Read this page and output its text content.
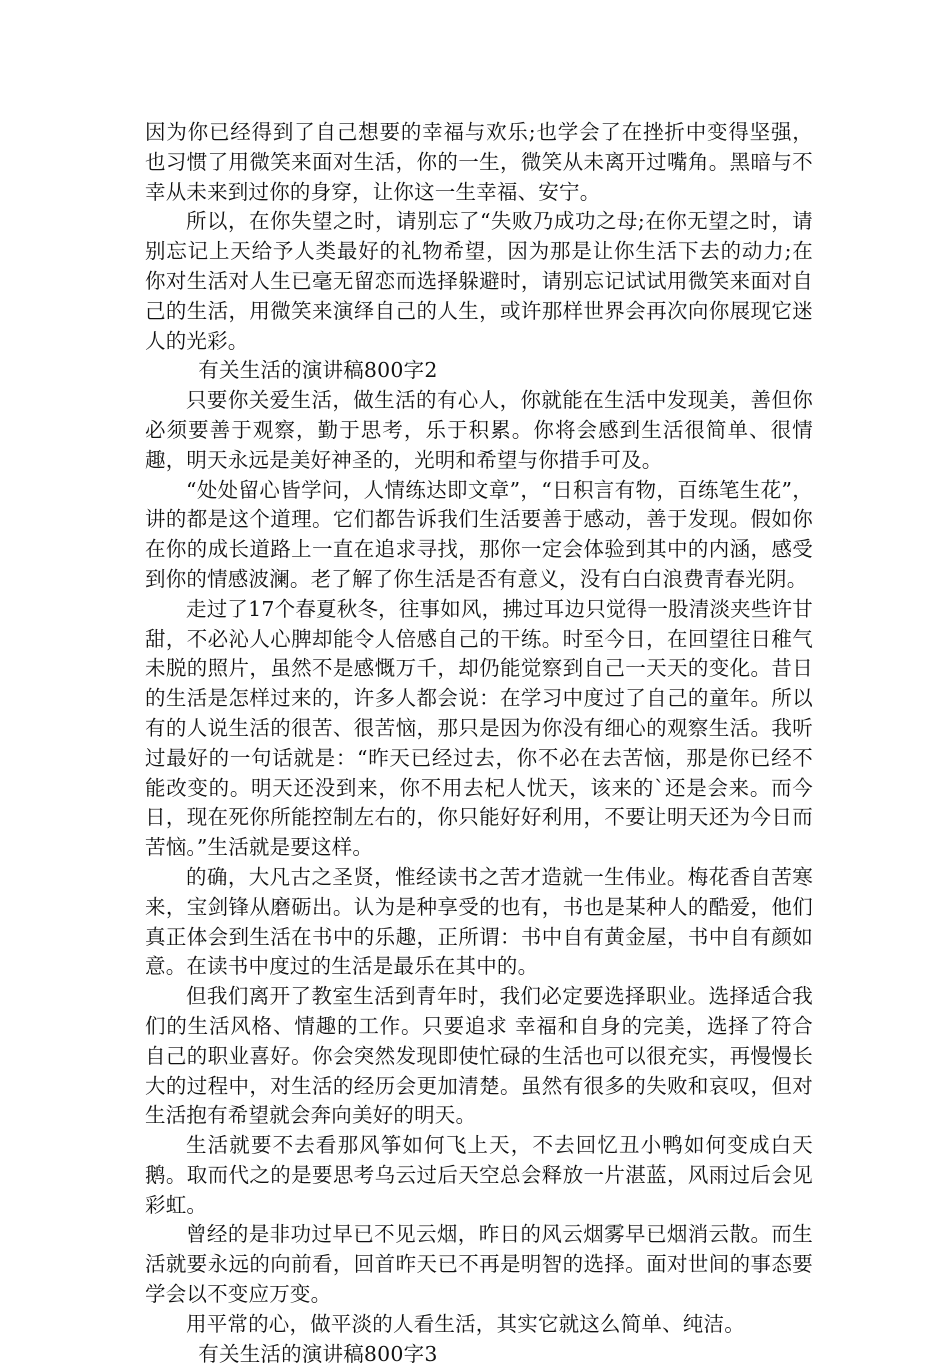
因为你已经得到了自己想要的幸福与欢乐;也学会了在挫折中变得坚强，也习惯了用微笑来面对生活，你的一生，微笑从未离开过嘴角。黑暗与不幸从未来到过你的身穿，让你这一生幸福、安宁。

所以，在你失望之时，请别忘了“失败乃成功之母;在你无望之时，请别忘记上天给予人类最好的礼物希望，因为那是让你生活下去的动力;在你对生活对人生已毫无留恋而选择躲避时，请别忘记试试用微笑来面对自己的生活，用微笑来演绎自己的人生，或许那样世界会再次向你展现它迷人的光彩。

有关生活的演讲稿800字2

只要你关爱生活，做生活的有心人，你就能在生活中发现美，善但你必须要善于观察，勤于思考，乐于积累。你将会感到生活很简单、很情趣，明天永远是美好神圣的，光明和希望与你措手可及。

“处处留心皆学问，人情练达即文章”，“日积言有物，百练笔生花”，讲的都是这个道理。它们都告诉我们生活要善于感动，善于发现。假如你在你的成长道路上一直在追求寻找，那你一定会体验到其中的内涵，感受到你的情感波澜。老了解了你生活是否有意义，没有白白浪费青春光阴。

走过了17个春夏秋冬，往事如风，拂过耳边只觉得一股清淡夹些许甘甜，不必沁人心脾却能令人倍感自己的干练。时至今日，在回望往日稚气未脱的照片，虽然不是感慨万千，却仍能觉察到自己一天天的变化。昔日的生活是怎样过来的，许多人都会说：在学习中度过了自己的童年。所以有的人说生活的很苦、很苦恼，那只是因为你没有细心的观察生活。我听过最好的一句话就是：“昨天已经过去，你不必在去苦恼，那是你已经不能改变的。明天还没到来，你不用去杞人忧天，该来的`还是会来。而今日，现在死你所能控制左右的，你只能好好利用，不要让明天还为今日而苦恼。”生活就是要这样。

的确，大凡古之圣贤，惟经读书之苦才造就一生伟业。梅花香自苦寒来，宝剑锋从磨砺出。认为是种享受的也有，书也是某种人的酷爱，他们真正体会到生活在书中的乐趣，正所谓：书中自有黄金屋，书中自有颜如意。在读书中度过的生活是最乐在其中的。

但我们离开了教室生活到青年时，我们必定要选择职业。选择适合我们的生活风格、情趣的工作。只要追求 幸福和自身的完美，选择了符合自己的职业喜好。你会突然发现即使忙碌的生活也可以很充实，再慢慢长大的过程中，对生活的经历会更加清楚。虽然有很多的失败和哀叹，但对生活抱有希望就会奔向美好的明天。

生活就要不去看那风筝如何飞上天，不去回忆丑小鸭如何变成白天鹅。取而代之的是要思考乌云过后天空总会释放一片湛蓝，风雨过后会见彩虹。

曾经的是非功过早已不见云烟，昨日的风云烟雾早已烟消云散。而生活就要永远的向前看，回首昨天已不再是明智的选择。面对世间的事态要学会以不变应万变。

用平常的心，做平淡的人看生活，其实它就这么简单、纯洁。

有关生活的演讲稿800字3
